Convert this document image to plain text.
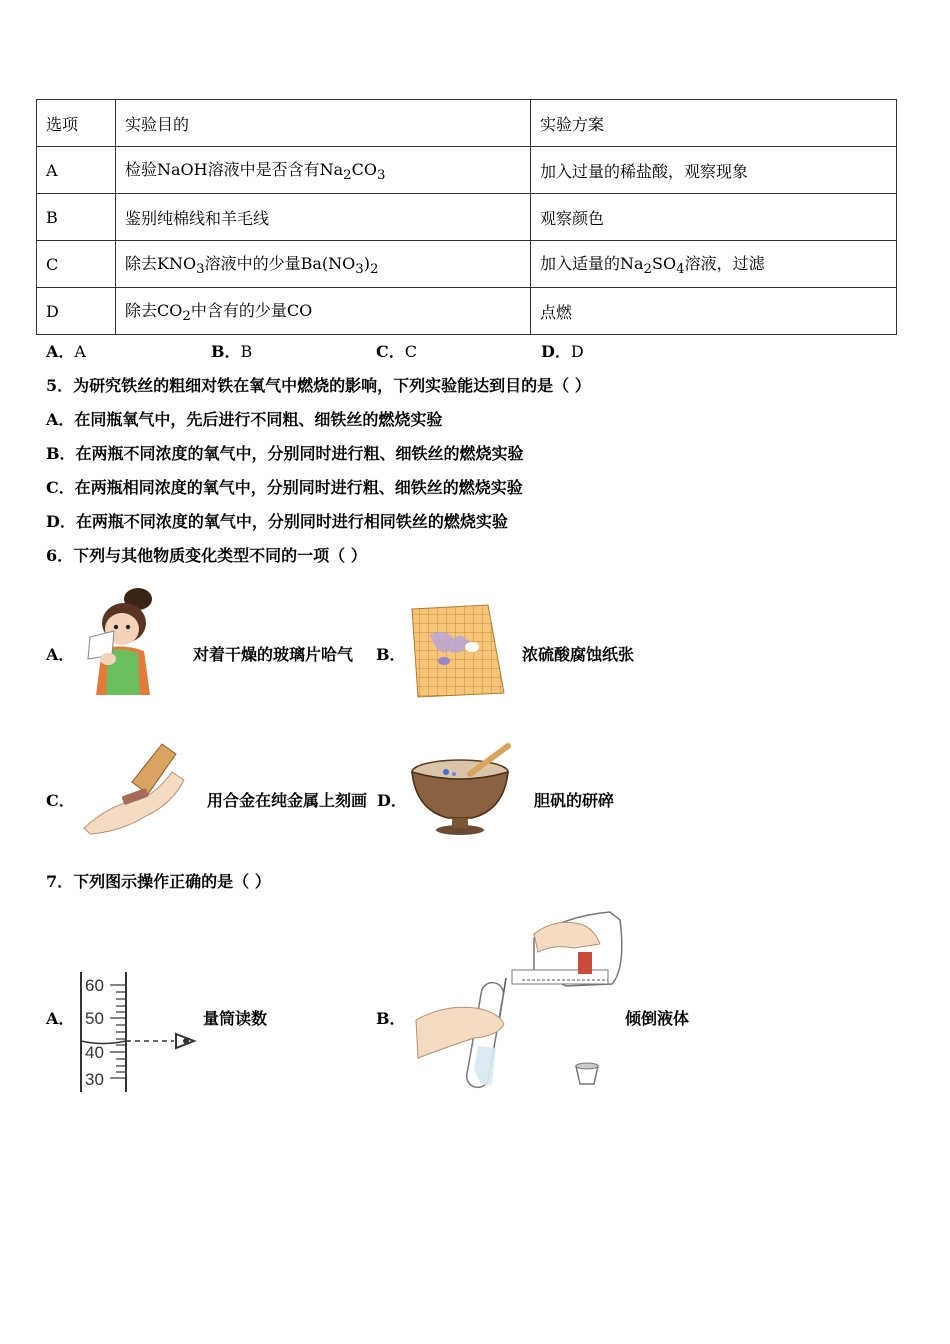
选项	实验目的	实验方案
A	检验NaOH溶液中是否含有$Na_2CO_3$	加入过量的稀盐酸，观察现象
B	鉴别纯棉线和羊毛线	观察颜色
C	除去$KNO_3$溶液中的少量$Ba(NO_3)_2$	加入适量的$Na_2SO_4$溶液，过滤
D	除去$CO_2$中含有的少量CO	点燃
A．A	B．B	C．C	D．D
5．为研究铁丝的粗细对铁在氧气中燃烧的影响，下列实验能达到目的是（ ）
A．在同瓶氧气中，先后进行不同粗、细铁丝的燃烧实验
B．在两瓶不同浓度的氧气中，分别同时进行粗、细铁丝的燃烧实验
C．在两瓶相同浓度的氧气中，分别同时进行粗、细铁丝的燃烧实验
D．在两瓶不同浓度的氧气中，分别同时进行相同铁丝的燃烧实验
6．下列与其他物质变化类型不同的一项（ ）
A．	对着干燥的玻璃片哈气 B．	浓硫酸腐蚀纸张
C．	用合金在纯金属上刻画 D．	胆矾的研碎
7．下列图示操作正确的是（ ）
A．
60
50
40
30
量筒读数	B．	倾倒液体
